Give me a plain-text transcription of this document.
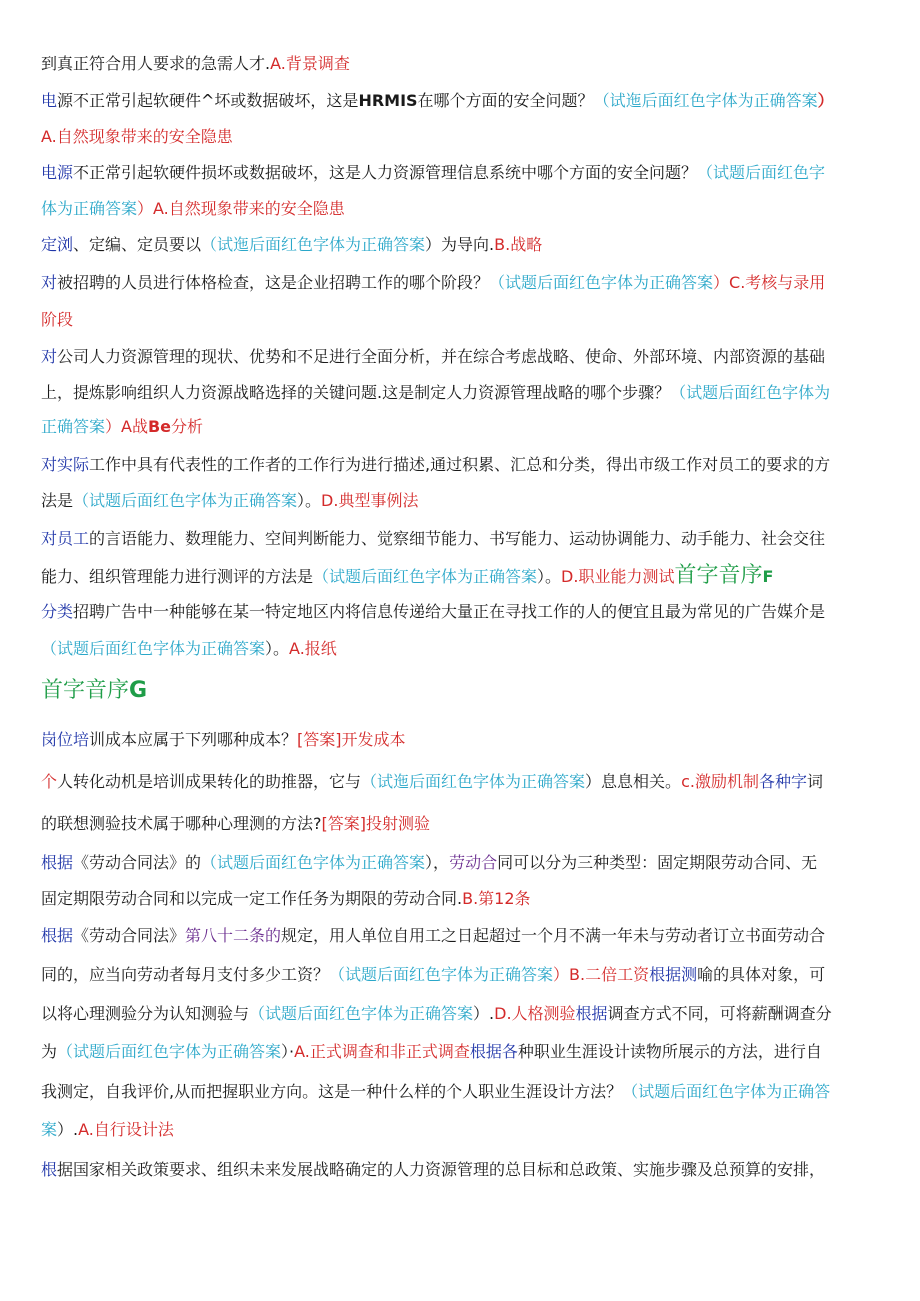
到真正符合用人要求的急需人才.A.背景调查
电源不正常引起软硬件^坏或数据破坏，这是HRMIS在哪个方面的安全问题？（试迤后面红色字体为正确答案）
A.自然现象带来的安全隐患
电源不正常引起软硬件损坏或数据破坏，这是人力资源管理信息系统中哪个方面的安全问题？（试题后面红色字
体为正确答案）A.自然现象带来的安全隐患
定浏、定编、定员要以（试迤后面红色字体为正确答案）为导向.B.战略
对被招聘的人员进行体格检查，这是企业招聘工作的哪个阶段？（试题后面红色字体为正确答案）C.考核与录用
阶段
对公司人力资源管理的现状、优势和不足进行全面分析，并在综合考虑战略、使命、外部环境、内部资源的基础
上，提炼影响组织人力资源战略选择的关键问题.这是制定人力资源管理战略的哪个步骤？（试题后面红色字体为
正确答案）A战Be分析
对实际工作中具有代表性的工作者的工作行为进行描述,通过积累、汇总和分类，得出市级工作对员工的要求的方
法是（试题后面红色字体为正确答案）。D.典型事例法
对员工的言语能力、数理能力、空间判断能力、觉察细节能力、书写能力、运动协调能力、动手能力、社会交往
能力、组织管理能力进行测评的方法是（试题后面红色字体为正确答案）。D.职业能力测试首字音序F
分类招聘广告中一种能够在某一特定地区内将信息传递给大量正在寻找工作的人的便宜且最为常见的广告媒介是
（试题后面红色字体为正确答案）。A.报纸
首字音序G
岗位培训成本应属于下列哪种成本？[答案]开发成本
个人转化动机是培训成果转化的助推器，它与（试迤后面红色字体为正确答案）息息相关。c.激励机制各种字词
的联想测验技术属于哪种心理测的方法?[答案]投射测验
根据《劳动合同法》的（试题后面红色字体为正确答案），劳动合同可以分为三种类型：固定期限劳动合同、无
固定期限劳动合同和以完成一定工作任务为期限的劳动合同.B.第12条
根据《劳动合同法》第八十二条的规定，用人单位自用工之日起超过一个月不满一年未与劳动者订立书面劳动合
同的，应当向劳动者每月支付多少工资？（试题后面红色字体为正确答案）B.二倍工资根据测喻的具体对象，可
以将心理测验分为认知测验与（试题后面红色字体为正确答案）.D.人格测验根据调查方式不同，可将薪酬调查分
为（试题后面红色字体为正确答案）·A.正式调查和非正式调查根据各种职业生涯设计读物所展示的方法，进行自
我测定，自我评价,从而把握职业方向。这是一种什么样的个人职业生涯设计方法？（试题后面红色字体为正确答
案）.A.自行设计法
根据国家相关政策要求、组织未来发展战略确定的人力资源管理的总目标和总政策、实施步骤及总预算的安排，
